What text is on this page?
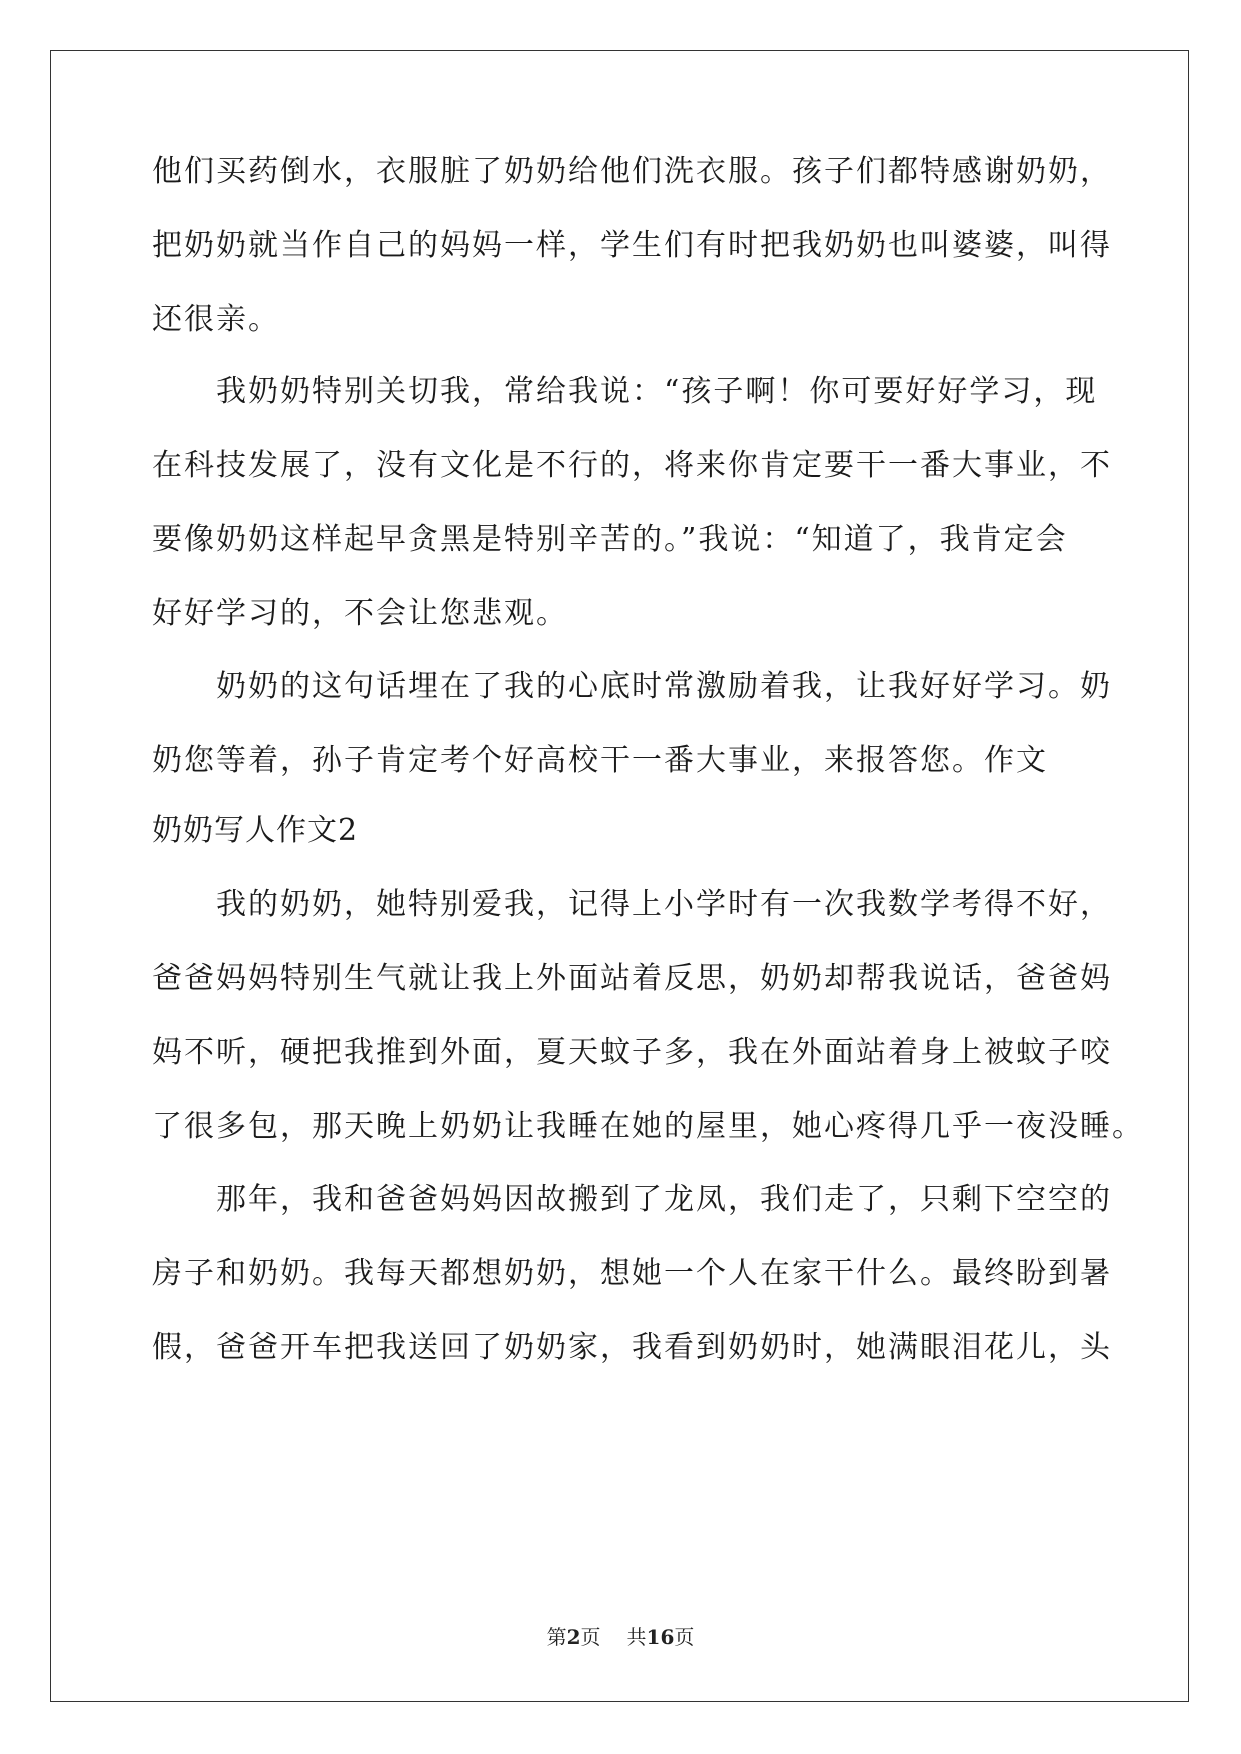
他们买药倒水，衣服脏了奶奶给他们洗衣服。孩子们都特感谢奶奶，
把奶奶就当作自己的妈妈一样，学生们有时把我奶奶也叫婆婆，叫得
还很亲。
　　我奶奶特别关切我，常给我说：“孩子啊！你可要好好学习，现
在科技发展了，没有文化是不行的，将来你肯定要干一番大事业，不
要像奶奶这样起早贪黑是特别辛苦的。”我说：“知道了，我肯定会
好好学习的，不会让您悲观。
　　奶奶的这句话埋在了我的心底时常激励着我，让我好好学习。奶
奶您等着，孙子肯定考个好高校干一番大事业，来报答您。作文
奶奶写人作文2
　　我的奶奶，她特别爱我，记得上小学时有一次我数学考得不好，
爸爸妈妈特别生气就让我上外面站着反思，奶奶却帮我说话，爸爸妈
妈不听，硬把我推到外面，夏天蚊子多，我在外面站着身上被蚊子咬
了很多包，那天晚上奶奶让我睡在她的屋里，她心疼得几乎一夜没睡。
　　那年，我和爸爸妈妈因故搬到了龙凤，我们走了，只剩下空空的
房子和奶奶。我每天都想奶奶，想她一个人在家干什么。最终盼到暑
假，爸爸开车把我送回了奶奶家，我看到奶奶时，她满眼泪花儿，头
第2页 共16页
